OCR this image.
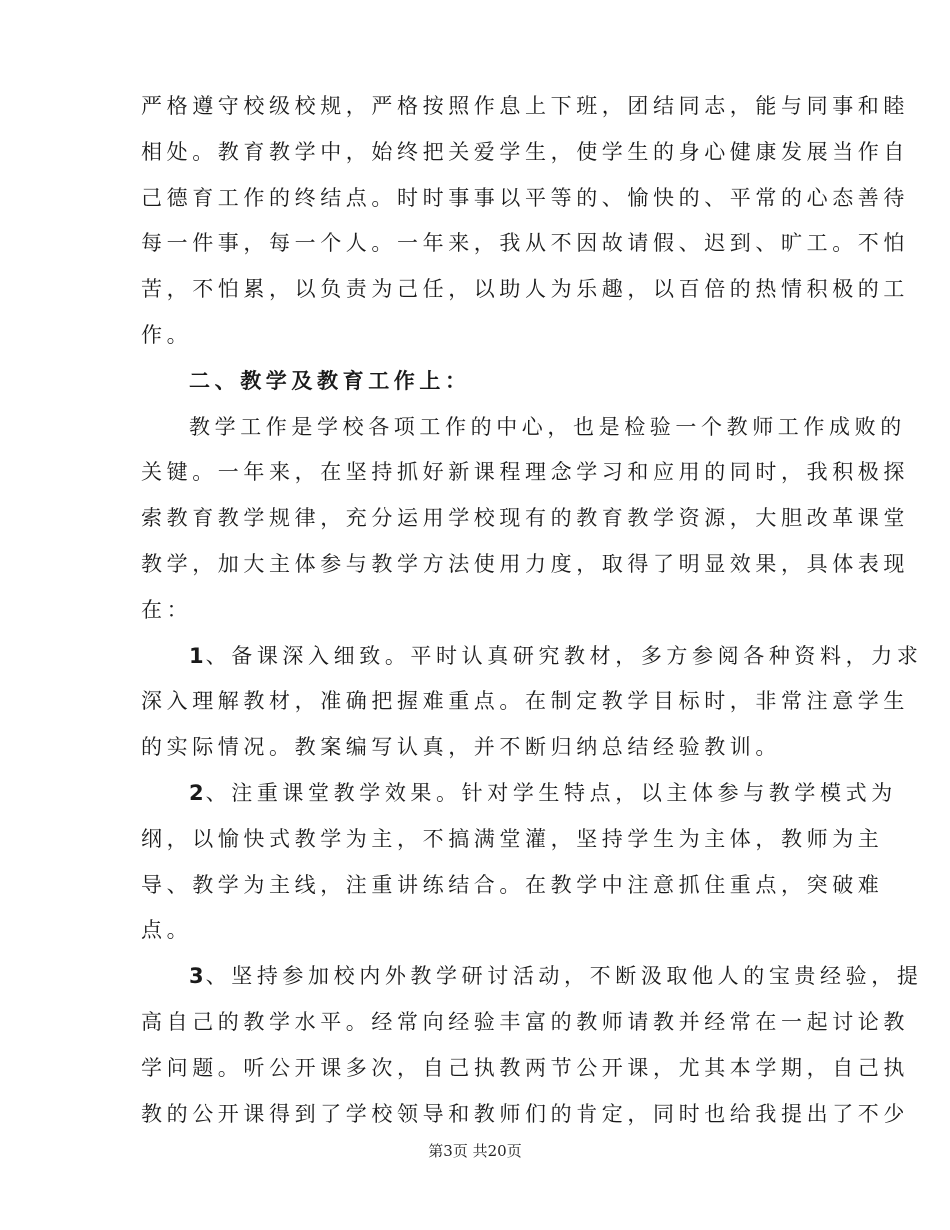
严格遵守校级校规，严格按照作息上下班，团结同志，能与同事和睦
相处。教育教学中，始终把关爱学生，使学生的身心健康发展当作自
己德育工作的终结点。时时事事以平等的、愉快的、平常的心态善待
每一件事，每一个人。一年来，我从不因故请假、迟到、旷工。不怕
苦，不怕累，以负责为己任，以助人为乐趣，以百倍的热情积极的工
作。
二、教学及教育工作上：
教学工作是学校各项工作的中心，也是检验一个教师工作成败的
关键。一年来，在坚持抓好新课程理念学习和应用的同时，我积极探
索教育教学规律，充分运用学校现有的教育教学资源，大胆改革课堂
教学，加大主体参与教学方法使用力度，取得了明显效果，具体表现
在：
1、备课深入细致。平时认真研究教材，多方参阅各种资料，力求
深入理解教材，准确把握难重点。在制定教学目标时，非常注意学生
的实际情况。教案编写认真，并不断归纳总结经验教训。
2、注重课堂教学效果。针对学生特点，以主体参与教学模式为
纲，以愉快式教学为主，不搞满堂灌，坚持学生为主体，教师为主
导、教学为主线，注重讲练结合。在教学中注意抓住重点，突破难
点。
3、坚持参加校内外教学研讨活动，不断汲取他人的宝贵经验，提
高自己的教学水平。经常向经验丰富的教师请教并经常在一起讨论教
学问题。听公开课多次，自己执教两节公开课，尤其本学期，自己执
第3页 共20页
教的公开课得到了学校领导和教师们的肯定，同时也给我提出了不少
